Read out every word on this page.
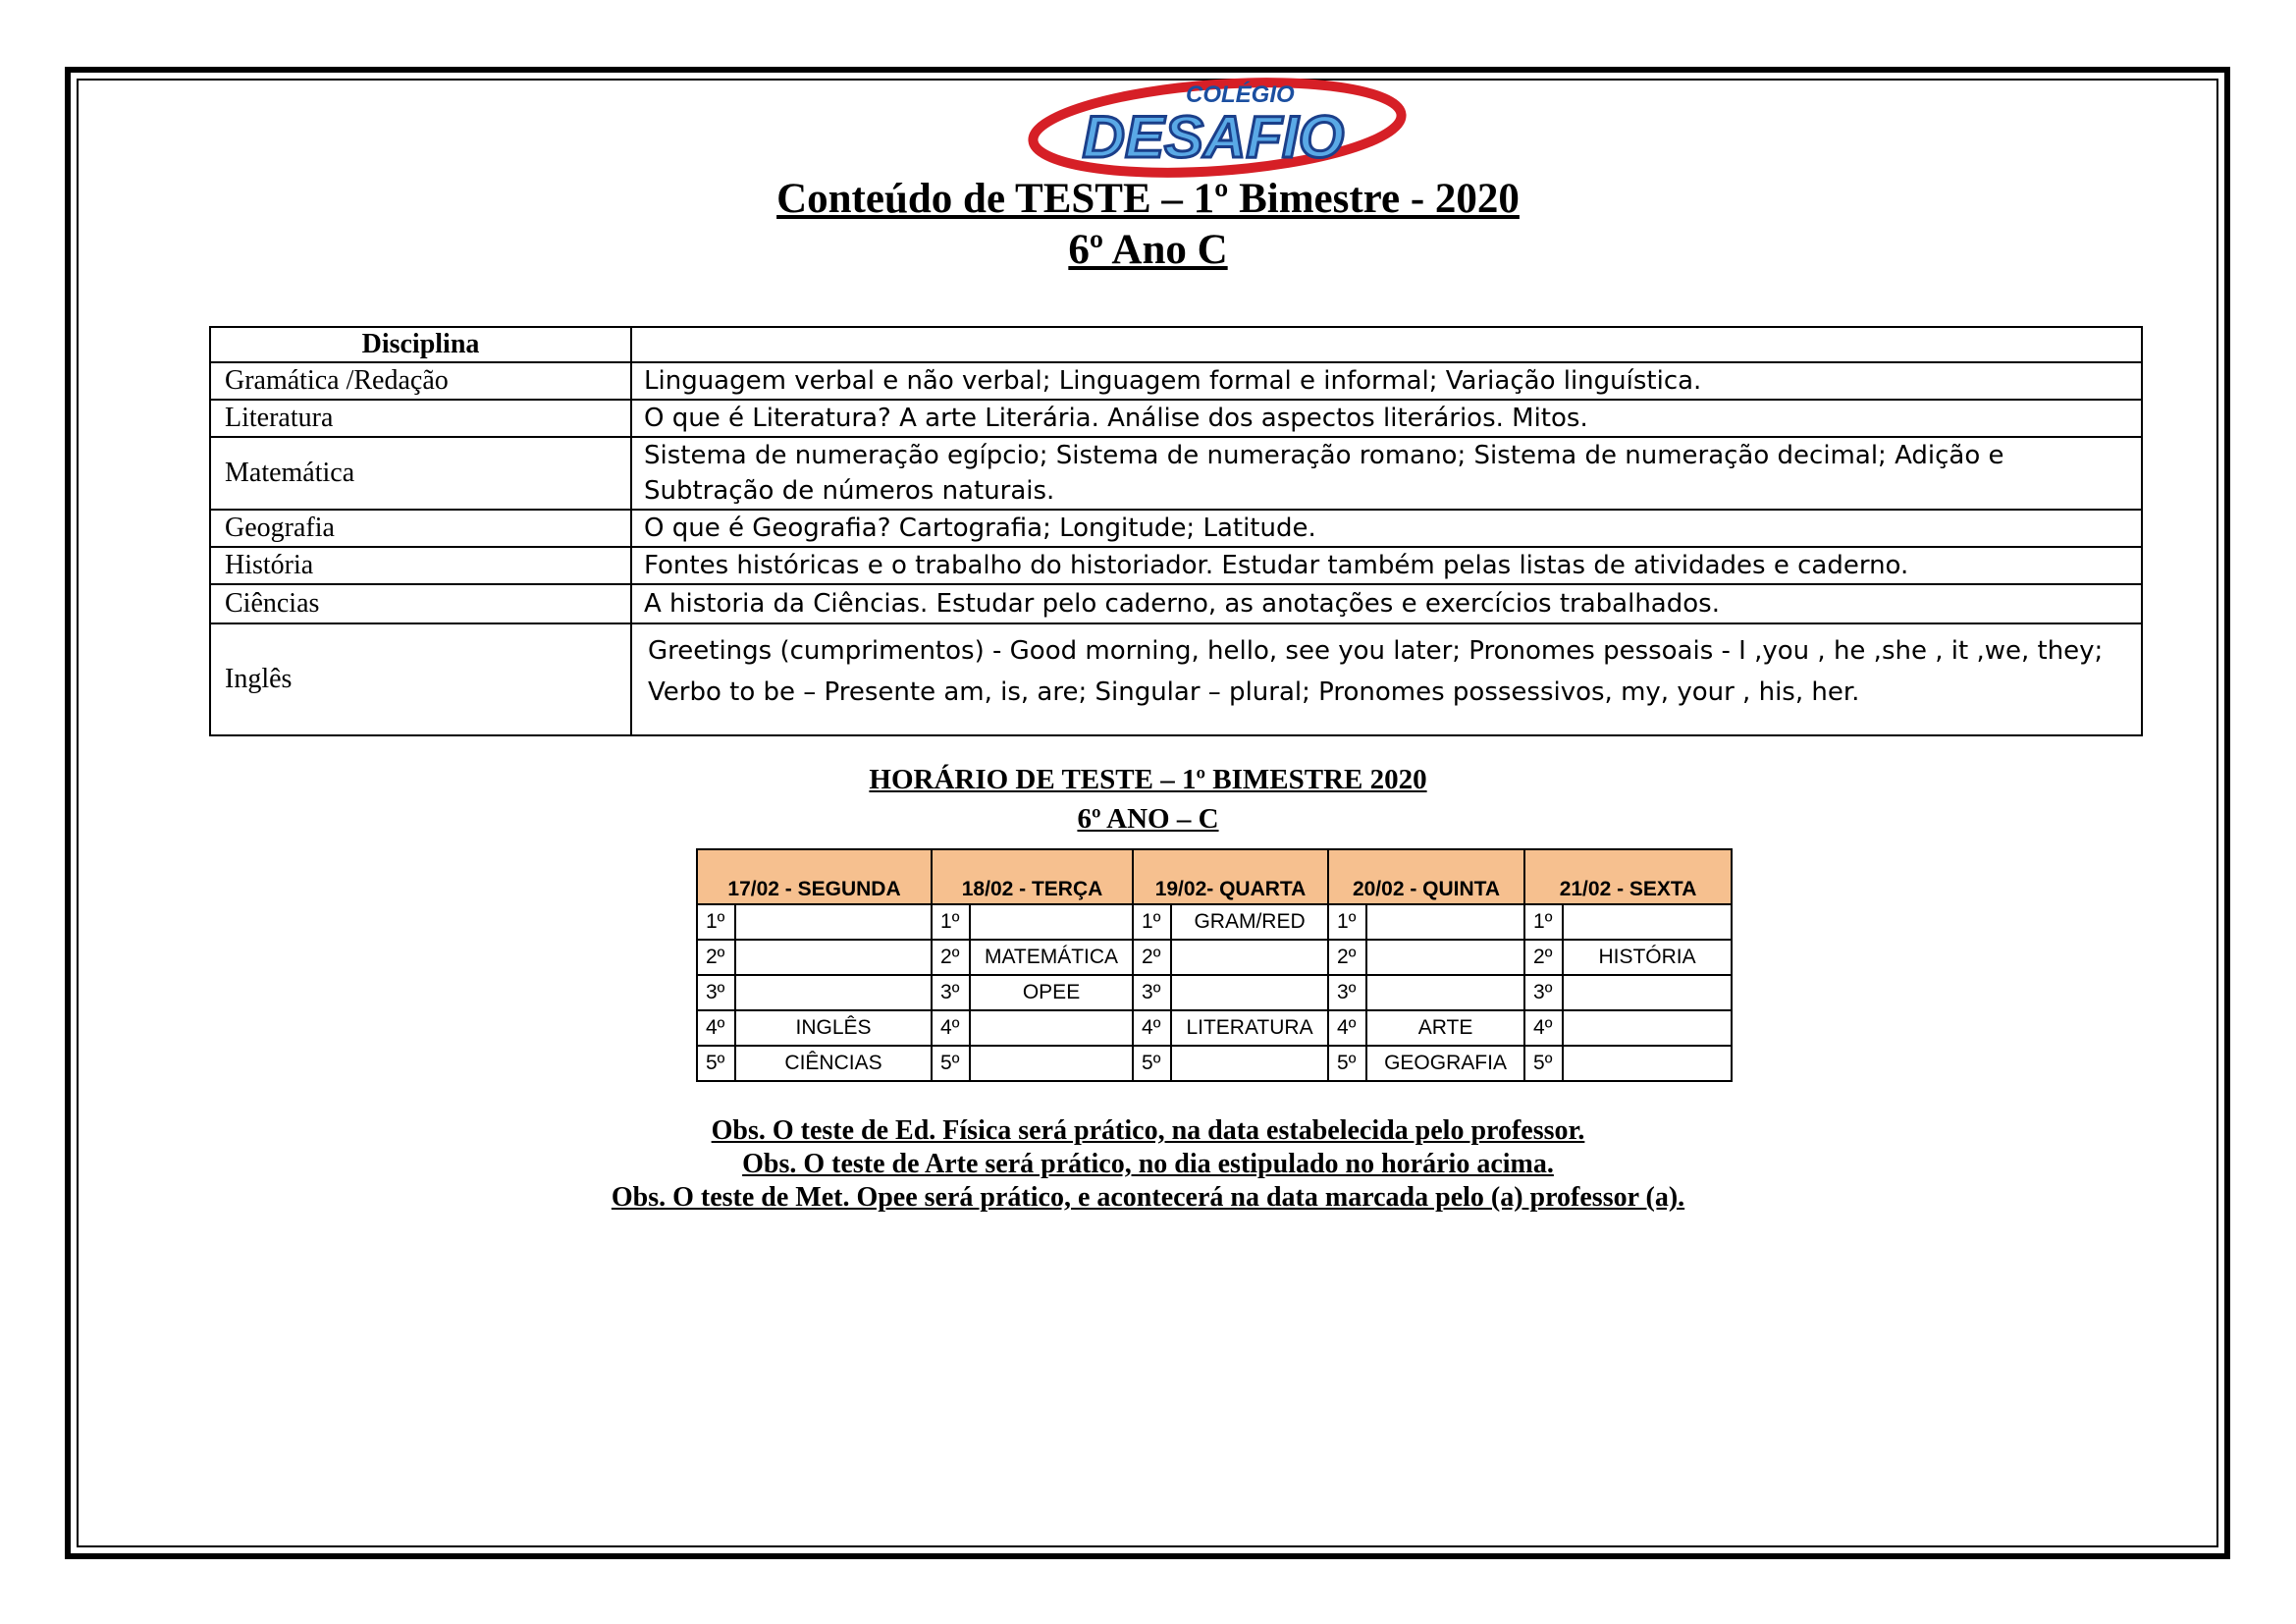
COLÉGIO
DESAFIO
Conteúdo de TESTE – 1º Bimestre - 2020
6º Ano C
Disciplina	
Gramática /Redação	Linguagem verbal e não verbal; Linguagem formal e informal; Variação linguística.
Literatura	O que é Literatura? A arte Literária. Análise dos aspectos literários. Mitos.
Matemática	Sistema de numeração egípcio; Sistema de numeração romano; Sistema de numeração decimal; Adição e Subtração de números naturais.
Geografia	O que é Geografia? Cartografia; Longitude; Latitude.
História	Fontes históricas e o trabalho do historiador. Estudar também pelas listas de atividades e caderno.
Ciências	A historia da Ciências. Estudar pelo caderno, as anotações e exercícios trabalhados.
Inglês	Greetings (cumprimentos) - Good morning, hello, see you later; Pronomes pessoais - I ,you , he ,she , it ,we, they; Verbo to be – Presente am, is, are; Singular – plural; Pronomes possessivos, my, your , his, her.
HORÁRIO DE TESTE – 1º BIMESTRE 2020
6º ANO – C
17/02 - SEGUNDA		18/02 - TERÇA		19/02- QUARTA		20/02 - QUINTA		21/02 - SEXTA	
1º		1º		1º	GRAM/RED	1º		1º	
2º		2º	MATEMÁTICA	2º		2º		2º	HISTÓRIA
3º		3º	OPEE	3º		3º		3º	
4º	INGLÊS	4º		4º	LITERATURA	4º	ARTE	4º	
5º	CIÊNCIAS	5º		5º		5º	GEOGRAFIA	5º	
Obs. O teste de Ed. Física será prático, na data estabelecida pelo professor.
Obs. O teste de Arte será prático, no dia estipulado no horário acima.
Obs. O teste de Met. Opee será prático, e acontecerá na data marcada pelo (a) professor (a).
